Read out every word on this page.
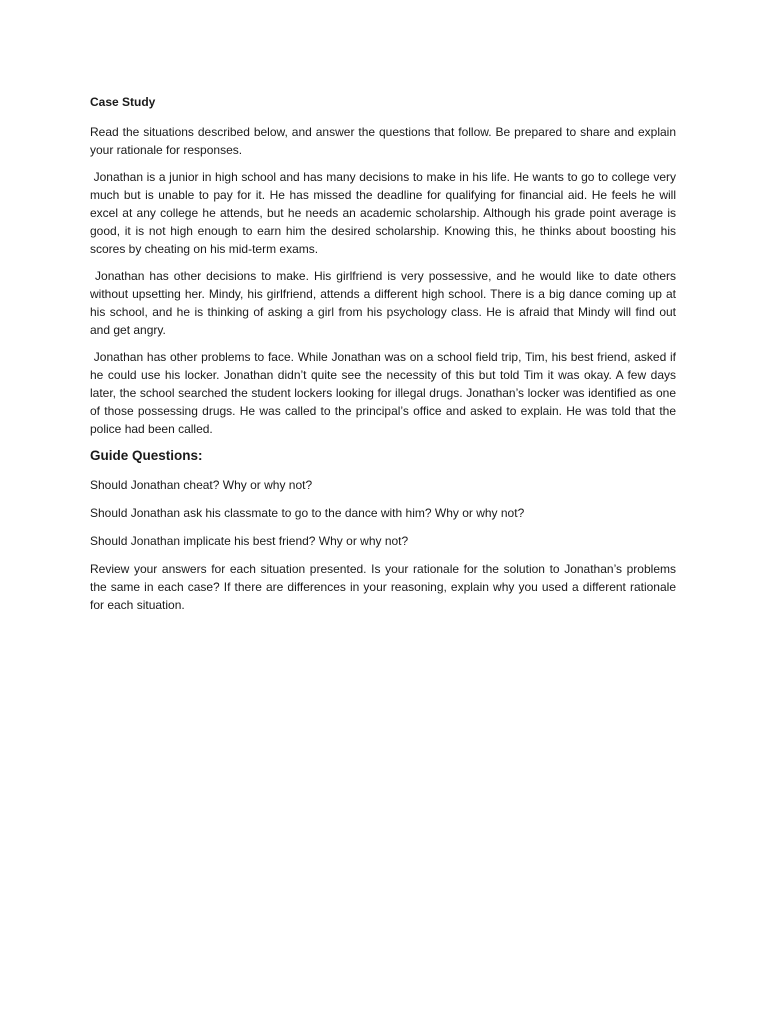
Case Study

Read the situations described below, and answer the questions that follow. Be prepared to share and explain your rationale for responses.

Jonathan is a junior in high school and has many decisions to make in his life. He wants to go to college very much but is unable to pay for it. He has missed the deadline for qualifying for financial aid. He feels he will excel at any college he attends, but he needs an academic scholarship. Although his grade point average is good, it is not high enough to earn him the desired scholarship. Knowing this, he thinks about boosting his scores by cheating on his mid-term exams.

Jonathan has other decisions to make. His girlfriend is very possessive, and he would like to date others without upsetting her. Mindy, his girlfriend, attends a different high school. There is a big dance coming up at his school, and he is thinking of asking a girl from his psychology class. He is afraid that Mindy will find out and get angry.

Jonathan has other problems to face. While Jonathan was on a school field trip, Tim, his best friend, asked if he could use his locker. Jonathan didn’t quite see the necessity of this but told Tim it was okay. A few days later, the school searched the student lockers looking for illegal drugs. Jonathan’s locker was identified as one of those possessing drugs. He was called to the principal’s office and asked to explain. He was told that the police had been called.

Guide Questions:

Should Jonathan cheat? Why or why not?

Should Jonathan ask his classmate to go to the dance with him? Why or why not?

Should Jonathan implicate his best friend? Why or why not?

Review your answers for each situation presented. Is your rationale for the solution to Jonathan’s problems the same in each case? If there are differences in your reasoning, explain why you used a different rationale for each situation.
